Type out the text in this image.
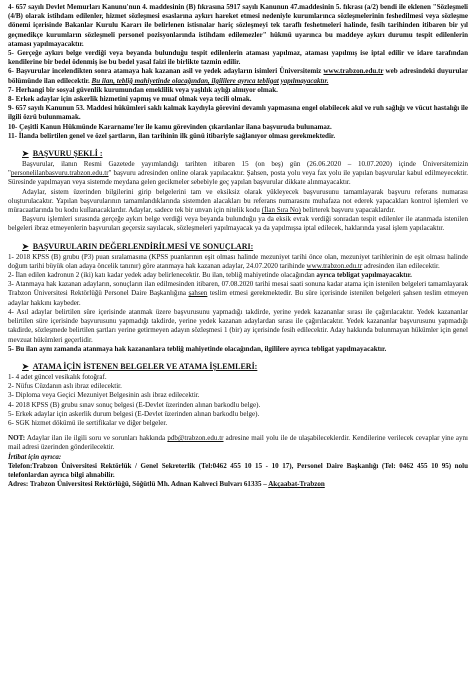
4- 657 sayılı Devlet Memurları Kanunu'nun 4. maddesinin (B) fıkrasına 5917 sayılı Kanunun 47.maddesinin 5. fıkrası (a/2) bendi ile eklenen "Sözleşmeli (4/B) olarak istihdam edilenler, hizmet sözleşmesi esaslarına aykırı hareket etmesi nedeniyle kurumlarınca sözleşmelerinin feshedilmesi veya sözleşme dönemi içerisinde Bakanlar Kurulu Kararı ile belirlenen istisnalar hariç sözleşmeyi tek taraflı feshetmeleri halinde, fesih tarihinden itibaren bir yıl geçmedikçe kurumların sözleşmeli personel pozisyonlarında istihdam edilemezler" hükmü uyarınca bu maddeye aykırı durumu tespit edilenlerin ataması yapılmayacaktır.

5- Gerçeğe aykırı belge verdiği veya beyanda bulunduğu tespit edilenlerin ataması yapılmaz, ataması yapılmış ise iptal edilir ve idare tarafından kendilerine bir bedel ödenmiş ise bu bedel yasal faizi ile birlikte tazmin edilir.

6- Başvurular incelendikten sonra atamaya hak kazanan asil ve yedek adayların isimleri Üniversitemiz www.trabzon.edu.tr web adresindeki duyurular bölümünde ilan edilecektir. Bu ilan, tebliğ mahiyetinde olacağından, ilgililere ayrıca tebligat yapılmayacaktır.

7- Herhangi bir sosyal güvenlik kurumundan emeklilik veya yaşlılık aylığı almıyor olmak.

8- Erkek adaylar için askerlik hizmetini yapmış ve muaf olmak veya tecili olmak.

9- 657 sayılı Kanunun 53. Maddesi hükümleri saklı kalmak kaydıyla görevini devamlı yapmasına engel olabilecek akıl ve ruh sağlığı ve vücut hastalığı ile ilgili özrü bulunmamak.

10- Çeşitli Kanun Hükmünde Kararname'ler ile kamu görevinden çıkarılanlar ilana başvuruda bulunamaz.

11- İlanda belirtilen genel ve özel şartların, ilan tarihinin ilk günü itibariyle sağlanıyor olması gerekmektedir.

➤ BAŞVURU ŞEKLİ :

Başvurular, ilanın Resmi Gazetede yayımlandığı tarihten itibaren 15 (on beş) gün (26.06.2020 – 10.07.2020) içinde Üniversitemizin "personelilanbasvuru.trabzon.edu.tr" başvuru adresinden online olarak yapılacaktır. Şahsen, posta yolu veya fax yolu ile yapılan başvurular kabul edilmeyecektir. Süresinde yapılmayan veya sistemde meydana gelen gecikmeler sebebiyle geç yapılan başvurular dikkate alınmayacaktır.

Adaylar, sistem üzerinden bilgilerini girip belgelerini tam ve eksiksiz olarak yükleyecek başvurusunu tamamlayarak başvuru referans numarası oluşturulacaktır. Yapılan başvurularının tamamlandıklarında sistemden alacakları bu referans numarasını muhafaza not ederek yapacakları kontrol işlemleri ve müracaatlarında bu kodu kullanacaklardır. Adaylar, sadece tek bir unvan için nitelik kodu (İlan Sıra No) belirterek başvuru yapacaklardır.

Başvuru işlemleri sırasında gerçeğe aykırı belge verdiği veya beyanda bulunduğu ya da eksik evrak verdiği sonradan tespit edilenler ile atanmada istenilen belgeleri ibraz etmeyenlerin başvuruları geçersiz sayılacak, sözleşmeleri yapılmayacak ya da yapılmışsa iptal edilecek, haklarında yasal işlem yapılacaktır.

➤ BAŞVURULARIN DEĞERLENDİRİLMESİ VE SONUÇLARI:

1- 2018 KPSS (B) grubu (P3) puan sıralamasına (KPSS puanlarının eşit olması halinde mezuniyet tarihi önce olan, mezuniyet tarihlerinin de eşit olması halinde doğum tarihi büyük olan adaya öncelik tanınır) göre atanmaya hak kazanan adaylar, 24.07.2020 tarihinde www.trabzon.edu.tr adresinden ilan edilecektir.

2- İlan edilen kadronun 2 (iki) katı kadar yedek aday belirlenecektir. Bu ilan, tebliğ mahiyetinde olacağından ayrıca tebligat yapılmayacaktır.

3- Atanmaya hak kazanan adayların, sonuçların ilan edilmesinden itibaren, 07.08.2020 tarihi mesai saati sonuna kadar atama için istenilen belgeleri tamamlayarak Trabzon Üniversitesi Rektörlüğü Personel Daire Başkanlığına şahsen teslim etmesi gerekmektedir. Bu süre içerisinde istenilen belgeleri şahsen teslim etmeyen adaylar hakkını kaybeder.

4- Asıl adaylar belirtilen süre içerisinde atanmak üzere başvurusunu yapmadığı takdirde, yerine yedek kazananlar sırası ile çağırılacaktır. Yedek kazananlar belirtilen süre içerisinde başvurusunu yapmadığı takdirde, yerine yedek kazanan adaylardan sırası ile çağırılacaktır. Yedek kazananlar başvurusunu yapmadığı takdirde, sözleşmede belirtilen şartları yerine getirmeyen adayın sözleşmesi 1 (bir) ay içerisinde fesih edilecektir. Aday hakkında bulunmayan hükümler için genel mevzuat hükümleri geçerlidir.

5- Bu ilan aynı zamanda atanmaya hak kazananlara tebliğ mahiyetinde olacağından, ilgililere ayrıca tebligat yapılmayacaktır.

➤ ATAMA İÇİN İSTENEN BELGELER VE ATAMA İŞLEMLERİ:

1- 4 adet güncel vesikalık fotoğraf.

2- Nüfus Cüzdanın aslı ibraz edilecektir.

3- Diploma veya Geçici Mezuniyet Belgesinin aslı ibraz edilecektir.

4- 2018 KPSS (B) grubu sınav sonuç belgesi (E-Devlet üzerinden alınan barkodlu belge).

5- Erkek adaylar için askerlik durum belgesi (E-Devlet üzerinden alınan barkodlu belge).

6- SGK hizmet dökümü ile sertifikalar ve diğer belgeler.

NOT: Adaylar ilan ile ilgili soru ve sorunları hakkında pdb@trabzon.edu.tr adresine mail yolu ile de ulaşabileceklerdir. Kendilerine verilecek cevaplar yine aynı mail adresi üzerinden gönderilecektir.

İrtibat için ayrıca:

Telefon:Trabzon Üniversitesi Rektörlük / Genel Sekreterlik (Tel:0462 455 10 15 - 10 17), Personel Daire Başkanlığı (Tel: 0462 455 10 95) nolu telefonlardan ayrıca bilgi alınabilir.

Adres: Trabzon Üniversitesi Rektörlüğü, Söğütlü Mh. Adnan Kahveci Bulvarı 61335 – Akçaabat-Trabzon
